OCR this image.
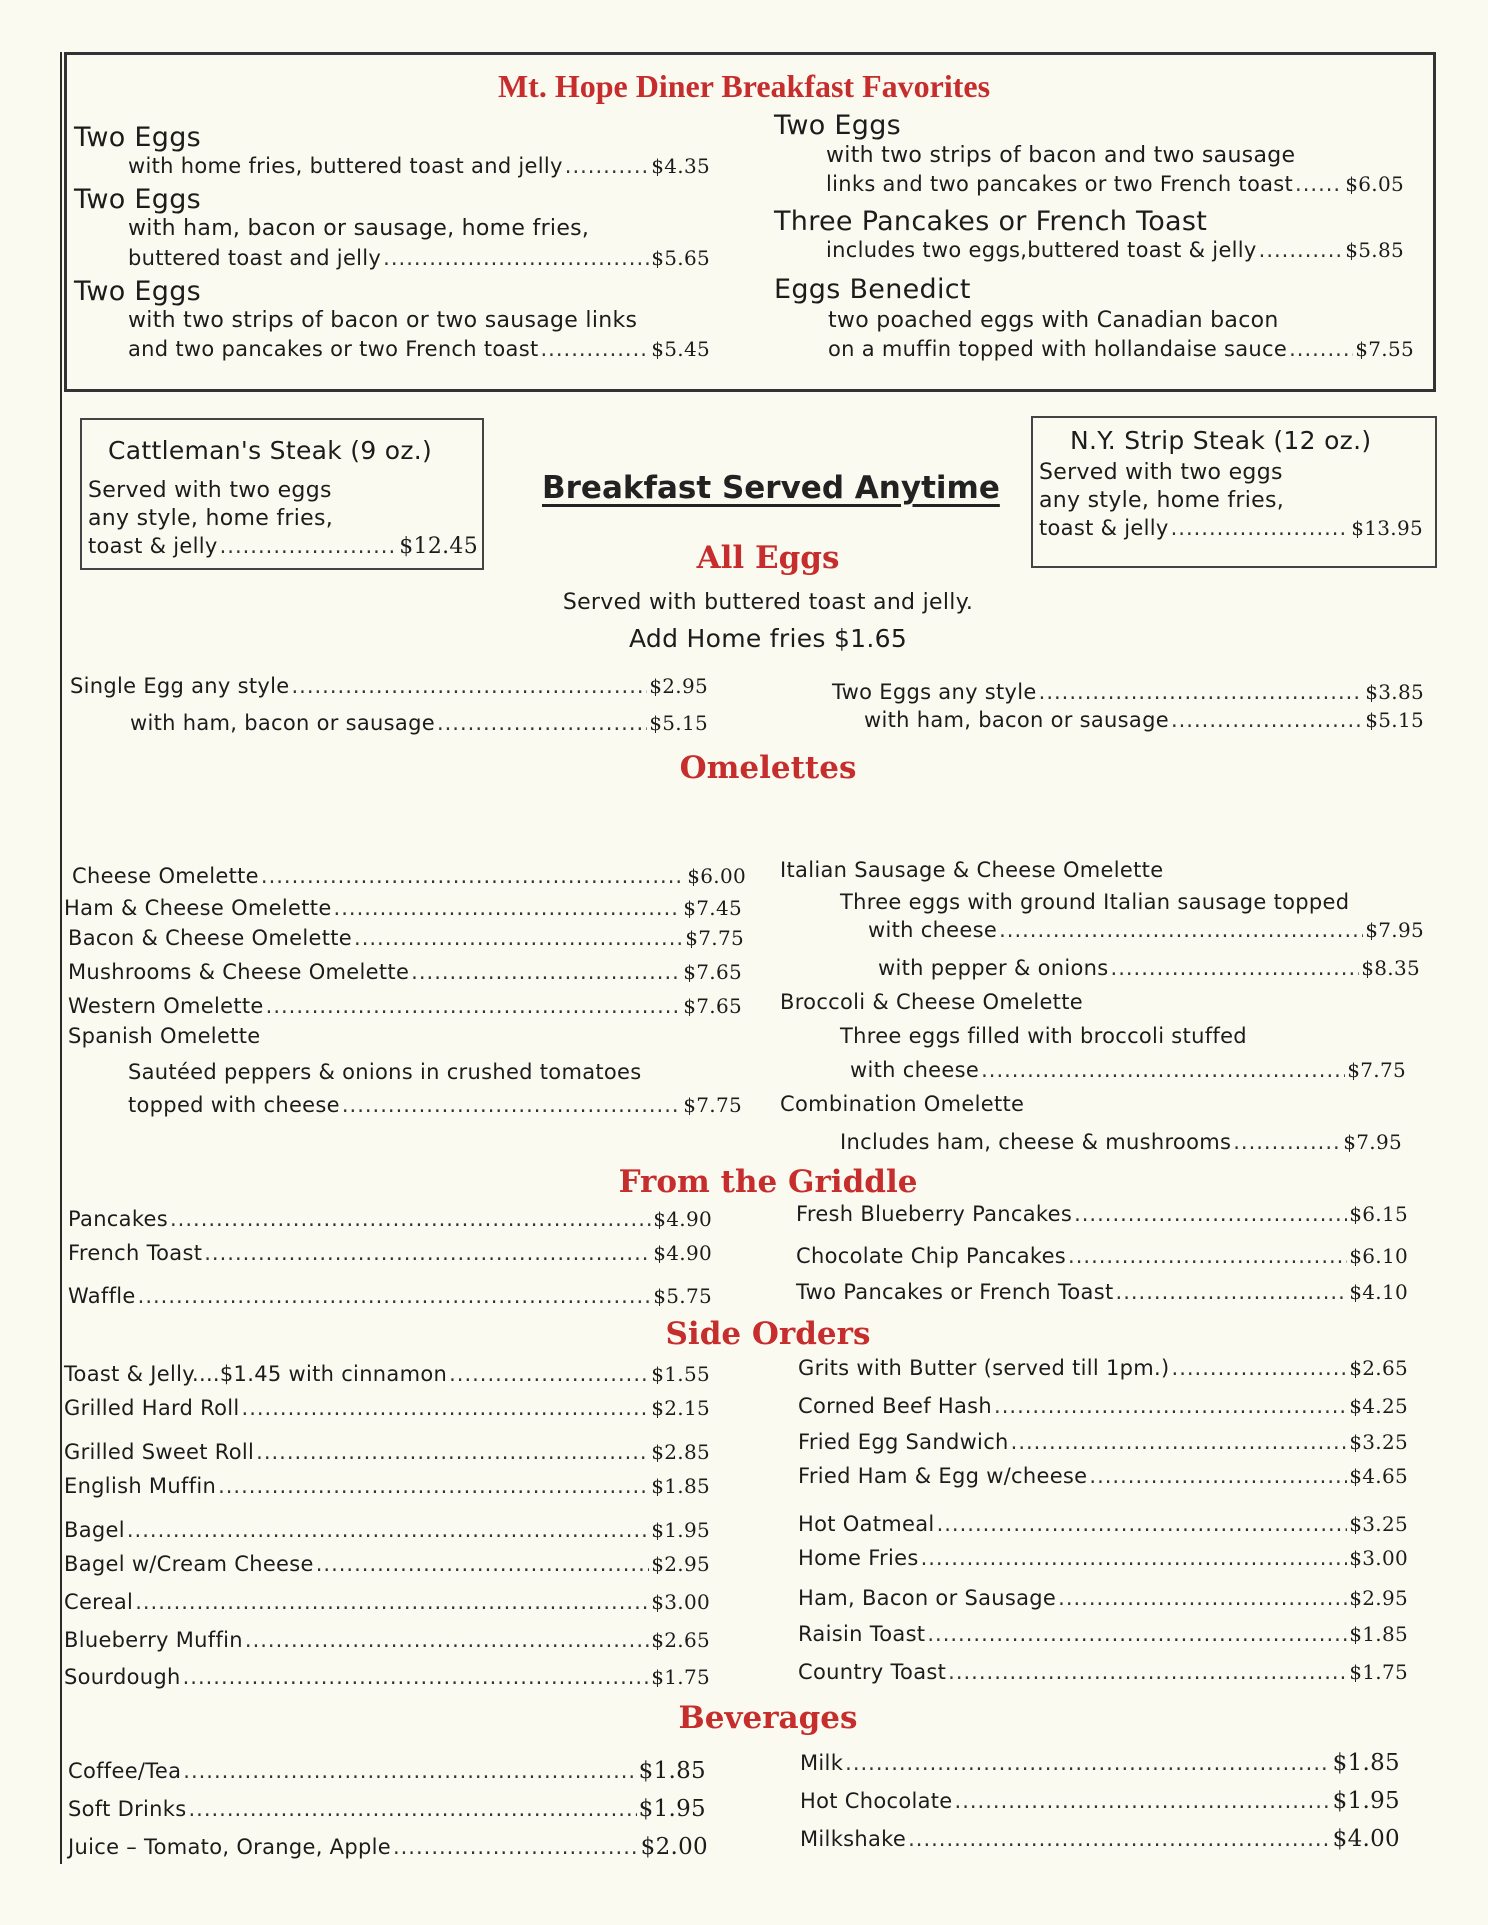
Mt. Hope Diner Breakfast Favorites
Two Eggs
with home fries, buttered toast and jelly .....	$4.35
Two Eggs
with ham, bacon or sausage, home fries,
buttered toast and jelly .....	$5.65
Two Eggs
with two strips of bacon or two sausage links
and two pancakes or two French toast .....	$5.45
Two Eggs
with two strips of bacon and two sausage
links and two pancakes or two French toast .....	$6.05
Three Pancakes or French Toast
includes two eggs,buttered toast & jelly .....	$5.85
Eggs Benedict
two poached eggs with Canadian bacon
on a muffin topped with hollandaise sauce .....	$7.55
Cattleman's Steak (9 oz.)
Served with two eggs
any style, home fries,
toast & jelly .....	$12.45
N.Y. Strip Steak (12 oz.)
Served with two eggs
any style, home fries,
toast & jelly .....	$13.95
Breakfast Served Anytime
All Eggs
Served with buttered toast and jelly.
Add Home fries $1.65
Single Egg any style .....	$2.95
with ham, bacon or sausage .....	$5.15
Two Eggs any style .....	$3.85
with ham, bacon or sausage .....	$5.15
Omelettes
Cheese Omelette .....	$6.00
Ham & Cheese Omelette .....	$7.45
Bacon & Cheese Omelette .....	$7.75
Mushrooms & Cheese Omelette .....	$7.65
Western Omelette .....	$7.65
Spanish Omelette
Sautéed peppers & onions in crushed tomatoes
topped with cheese .....	$7.75
Italian Sausage & Cheese Omelette
Three eggs with ground Italian sausage topped
with cheese .....	$7.95
with pepper & onions .....	$8.35
Broccoli & Cheese Omelette
Three eggs filled with broccoli stuffed
with cheese .....	$7.75
Combination Omelette
Includes ham, cheese & mushrooms .....	$7.95
From the Griddle
Pancakes .....	$4.90
French Toast .....	$4.90
Waffle .....	$5.75
Fresh Blueberry Pancakes .....	$6.15
Chocolate Chip Pancakes .....	$6.10
Two Pancakes or French Toast .....	$4.10
Side Orders
Toast & Jelly....$1.45 with cinnamon .....	$1.55
Grilled Hard Roll .....	$2.15
Grilled Sweet Roll .....	$2.85
English Muffin .....	$1.85
Bagel .....	$1.95
Bagel w/Cream Cheese .....	$2.95
Cereal .....	$3.00
Blueberry Muffin .....	$2.65
Sourdough .....	$1.75
Grits with Butter (served till 1pm.) .....	$2.65
Corned Beef Hash .....	$4.25
Fried Egg Sandwich .....	$3.25
Fried Ham & Egg w/cheese .....	$4.65
Hot Oatmeal .....	$3.25
Home Fries .....	$3.00
Ham, Bacon or Sausage .....	$2.95
Raisin Toast .....	$1.85
Country Toast .....	$1.75
Beverages
Coffee/Tea .....	$1.85
Soft Drinks .....	$1.95
Juice – Tomato, Orange, Apple .....	$2.00
Milk .....	$1.85
Hot Chocolate .....	$1.95
Milkshake .....	$4.00
